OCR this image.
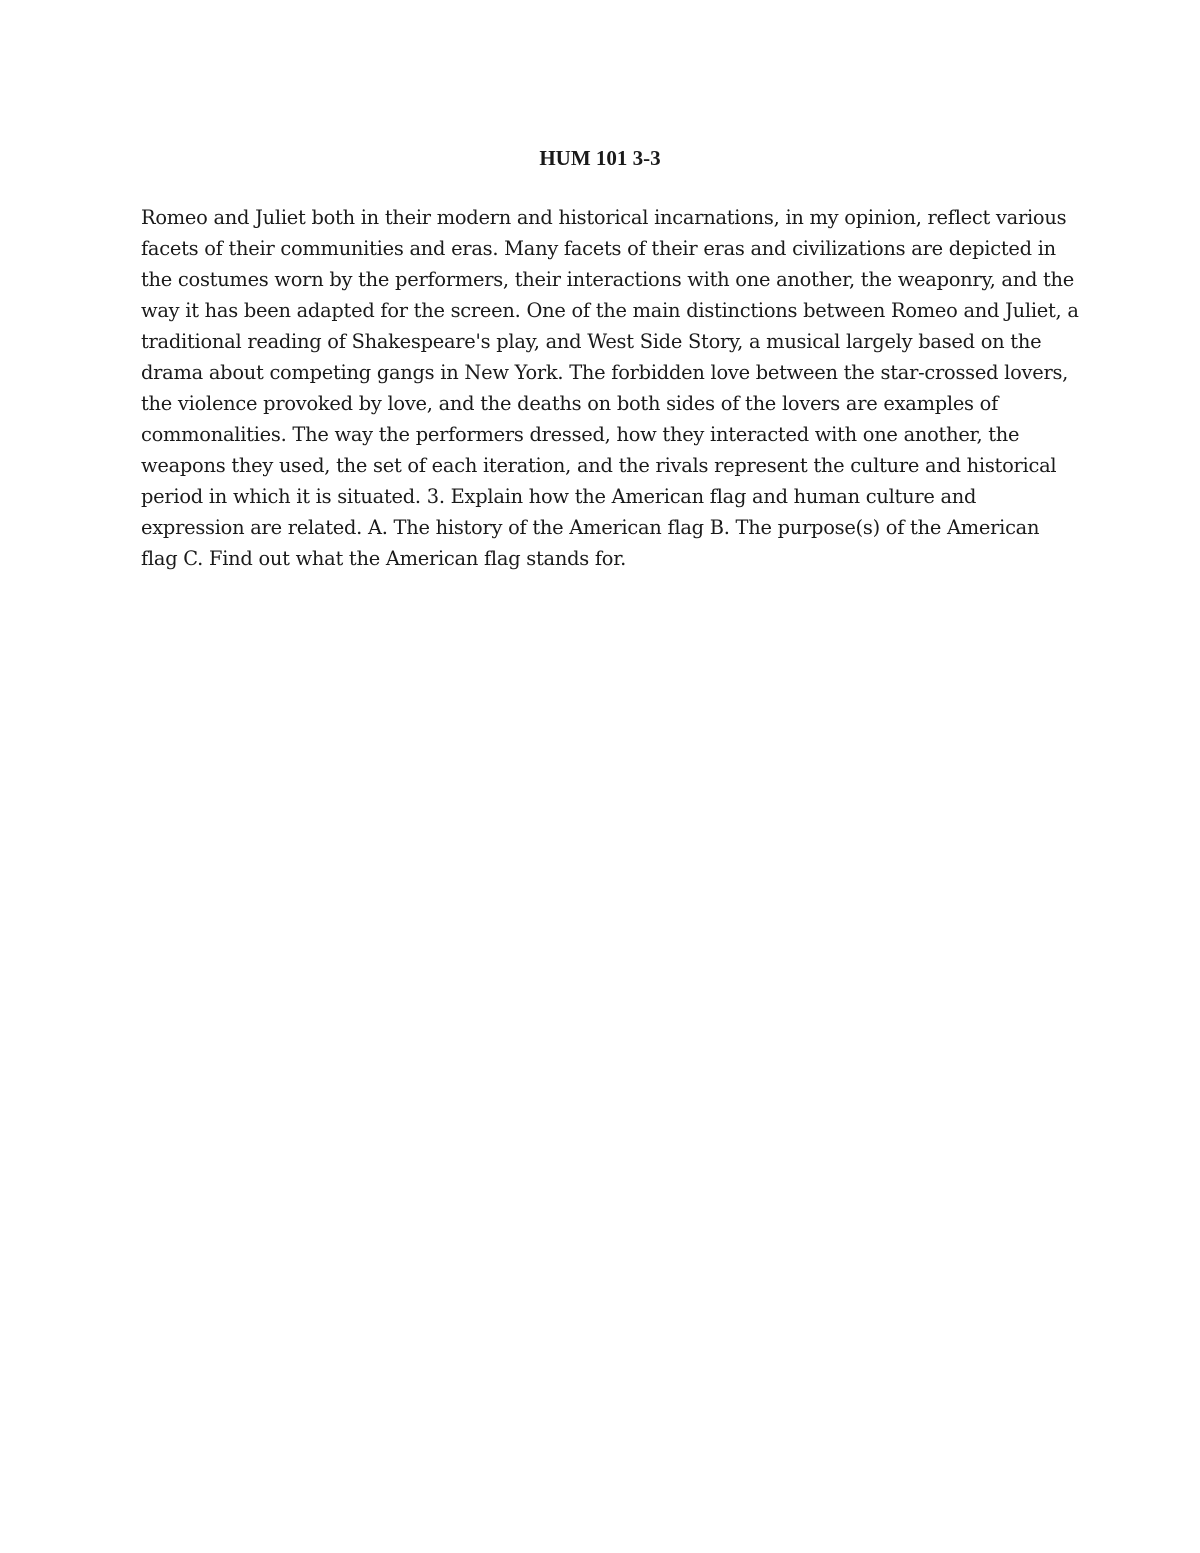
HUM 101 3-3

Romeo and Juliet both in their modern and historical incarnations, in my opinion, reflect various
facets of their communities and eras. Many facets of their eras and civilizations are depicted in
the costumes worn by the performers, their interactions with one another, the weaponry, and the
way it has been adapted for the screen. One of the main distinctions between Romeo and Juliet, a
traditional reading of Shakespeare's play, and West Side Story, a musical largely based on the
drama about competing gangs in New York. The forbidden love between the star-crossed lovers,
the violence provoked by love, and the deaths on both sides of the lovers are examples of
commonalities. The way the performers dressed, how they interacted with one another, the
weapons they used, the set of each iteration, and the rivals represent the culture and historical
period in which it is situated. 3. Explain how the American flag and human culture and
expression are related. A. The history of the American flag B. The purpose(s) of the American
flag C. Find out what the American flag stands for.
